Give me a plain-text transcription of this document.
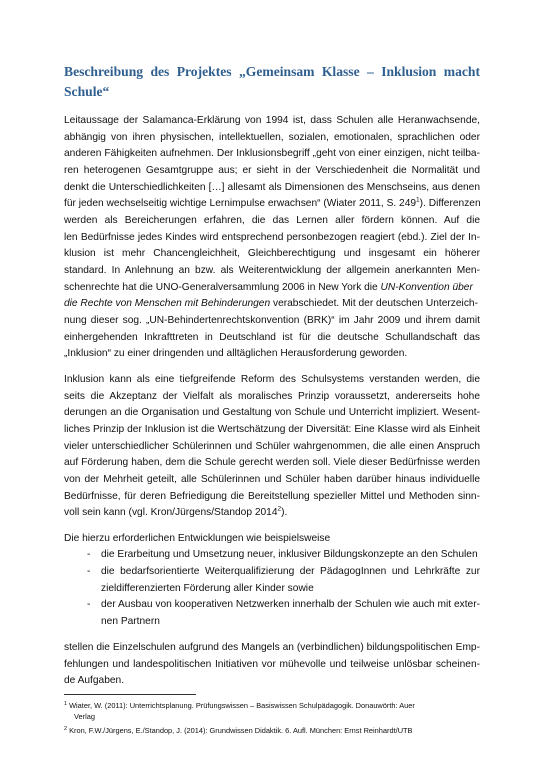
Beschreibung des Projektes „Gemeinsam Klasse – Inklusion macht Schule“
Leitaussage der Salamanca-Erklärung von 1994 ist, dass Schulen alle Heranwachsende,
abhängig von ihren physischen, intellektuellen, sozialen, emotionalen, sprachlichen oder
anderen Fähigkeiten aufnehmen. Der Inklusionsbegriff „geht von einer einzigen, nicht teilba-
ren heterogenen Gesamtgruppe aus; er sieht in der Verschiedenheit die Normalität und
denkt die Unterschiedlichkeiten […] allesamt als Dimensionen des Menschseins, aus denen
für jeden wechselseitig wichtige Lernimpulse erwachsen“ (Wiater 2011, S. $249^1$). Differenzen
werden als Bereicherungen erfahren, die das Lernen aller fördern können. Auf die
len Bedürfnisse jedes Kindes wird entsprechend personbezogen reagiert (ebd.). Ziel der In-
klusion ist mehr Chancengleichheit, Gleichberechtigung und insgesamt ein höherer
standard. In Anlehnung an bzw. als Weiterentwicklung der allgemein anerkannten Men-
schenrechte hat die UNO-Generalversammlung 2006 in New York die UN-Konvention über
die Rechte von Menschen mit Behinderungen verabschiedet. Mit der deutschen Unterzeich-
nung dieser sog. „UN-Behindertenrechtskonvention (BRK)“ im Jahr 2009 und ihrem damit
einhergehenden Inkrafttreten in Deutschland ist für die deutsche Schullandschaft das
„Inklusion“ zu einer dringenden und alltäglichen Herausforderung geworden.
Inklusion kann als eine tiefgreifende Reform des Schulsystems verstanden werden, die
seits die Akzeptanz der Vielfalt als moralisches Prinzip voraussetzt, andererseits hohe
derungen an die Organisation und Gestaltung von Schule und Unterricht impliziert. Wesent-
liches Prinzip der Inklusion ist die Wertschätzung der Diversität: Eine Klasse wird als Einheit
vieler unterschiedlicher Schülerinnen und Schüler wahrgenommen, die alle einen Anspruch
auf Förderung haben, dem die Schule gerecht werden soll. Viele dieser Bedürfnisse werden
von der Mehrheit geteilt, alle Schülerinnen und Schüler haben darüber hinaus individuelle
Bedürfnisse, für deren Befriedigung die Bereitstellung spezieller Mittel und Methoden sinn-
voll sein kann (vgl. Kron/Jürgens/Standop 2014$^2$).
Die hierzu erforderlichen Entwicklungen wie beispielsweise
- die Erarbeitung und Umsetzung neuer, inklusiver Bildungskonzepte an den Schulen
- die bedarfsorientierte Weiterqualifizierung der PädagogInnen und Lehrkräfte zur
zieldifferenzierten Förderung aller Kinder sowie
- der Ausbau von kooperativen Netzwerken innerhalb der Schulen wie auch mit exter-
nen Partnern
stellen die Einzelschulen aufgrund des Mangels an (verbindlichen) bildungspolitischen Emp-
fehlungen und landespolitischen Initiativen vor mühevolle und teilweise unlösbar scheinen-
de Aufgaben.
$^1$ Wiater, W. (2011): Unterrichtsplanung. Prüfungswissen – Basiswissen Schulpädagogik. Donauwörth: Auer
Verlag
$^2$ Kron, F.W./Jürgens, E./Standop, J. (2014): Grundwissen Didaktik. 6. Aufl. München: Ernst Reinhardt/UTB
